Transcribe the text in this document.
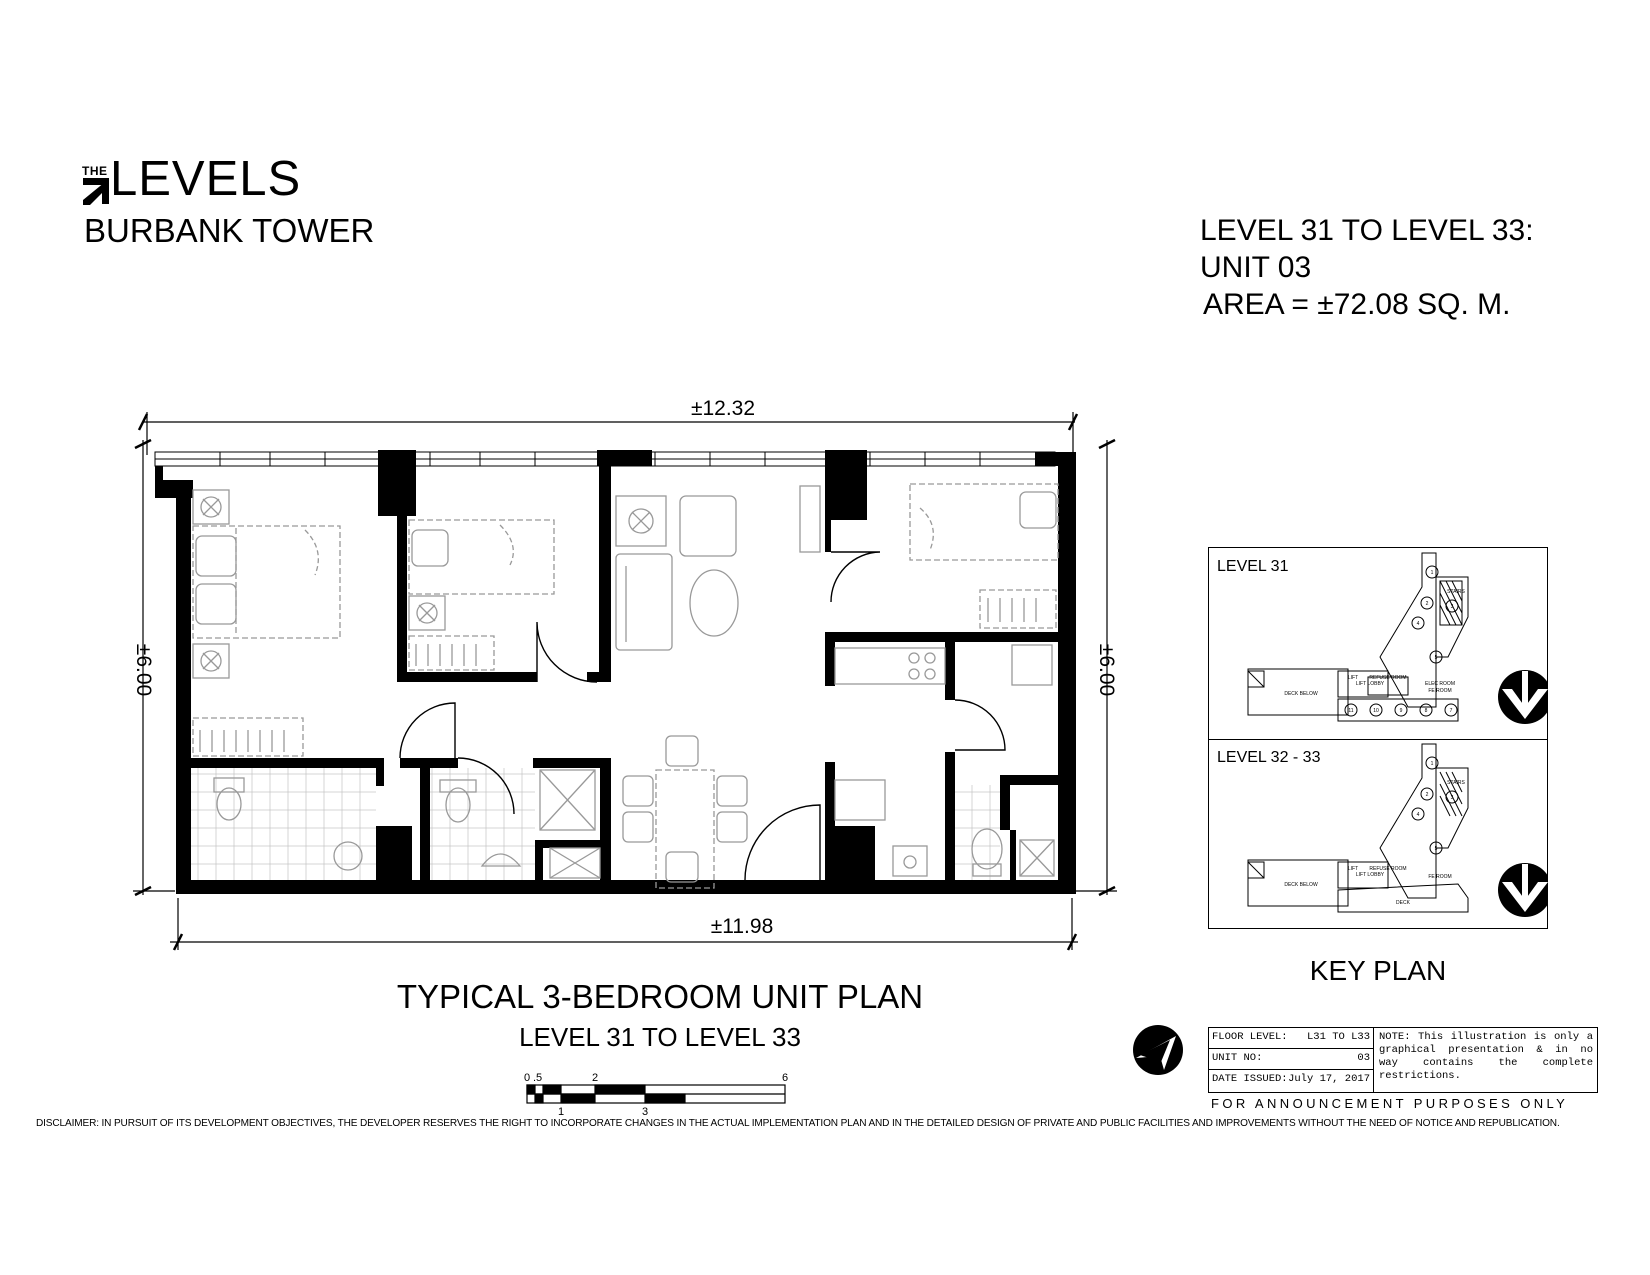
THE LEVELS
BURBANK TOWER	LEVEL 31 TO LEVEL 33:
UNIT 03
AREA = ±72.08 SQ. M.
±12.32
±11.98
±6.00	±6.00
TYPICAL 3-BEDROOM UNIT PLAN
LEVEL 31 TO LEVEL 33
0 .5	2	6
1	3
LEVEL 31
LEVEL 32 - 33
1
2	3
4
5
11	10	9	8	7
DECK BELOW
STAIRS
LIFT
LIFT LOBBY
REFUSE ROOM
ELEC ROOM
FE ROOM
1
2	3
4
5
DECK BELOW
DECK
STAIRS
LIFT
LIFT LOBBY
REFUSE ROOM
FE ROOM
KEY PLAN
FLOOR LEVEL: L31 TO L33
UNIT NO:	03
DATE ISSUED: July 17, 2017
NOTE: This illustration is only a graphical presentation & in no way contains the complete restrictions.
FOR ANNOUNCEMENT PURPOSES ONLY
DISCLAIMER: IN PURSUIT OF ITS DEVELOPMENT OBJECTIVES, THE DEVELOPER RESERVES THE RIGHT TO INCORPORATE CHANGES IN THE ACTUAL IMPLEMENTATION PLAN AND IN THE DETAILED DESIGN OF PRIVATE AND PUBLIC FACILITIES AND IMPROVEMENTS WITHOUT THE NEED OF NOTICE AND REPUBLICATION.
